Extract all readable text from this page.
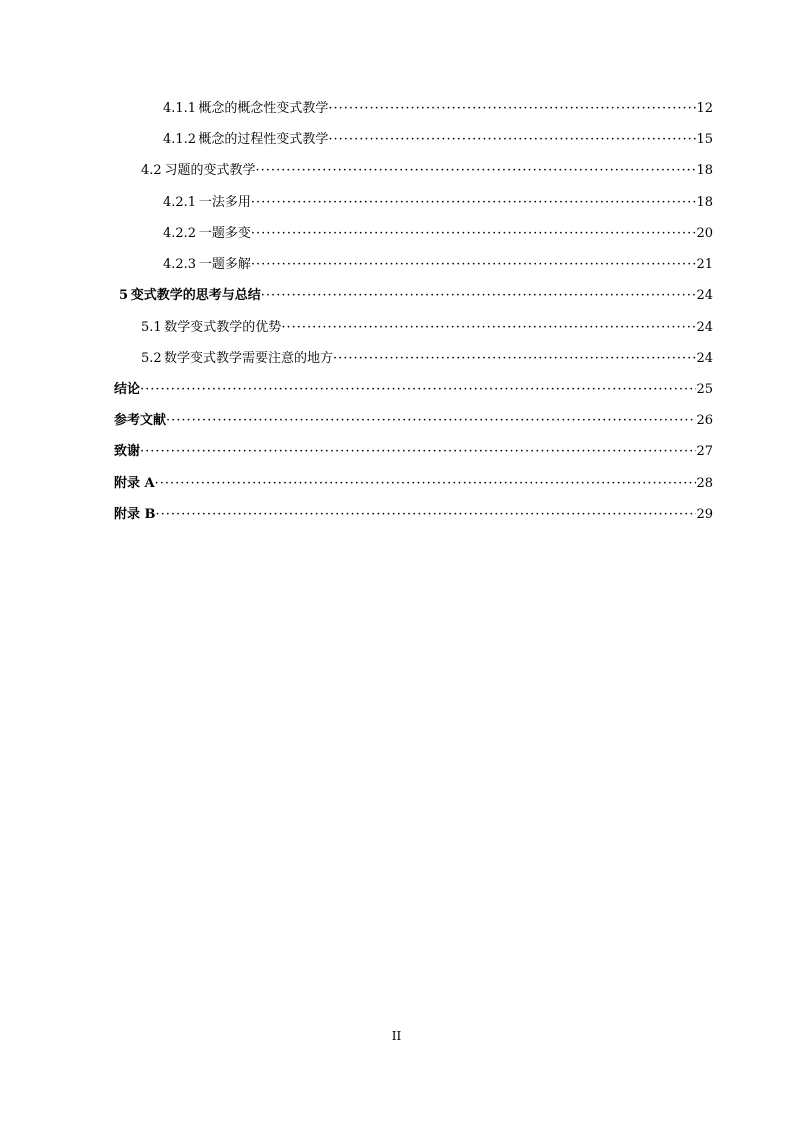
4.1.1 概念的概念性变式教学 ·····	12
4.1.2 概念的过程性变式教学 ·····	15
4.2 习题的变式教学 ·····	18
4.2.1 一法多用 ·····	18
4.2.2 一题多变 ·····	20
4.2.3 一题多解 ·····	21
5 变式教学的思考与总结 ·····	24
5.1 数学变式教学的优势 ·····	24
5.2 数学变式教学需要注意的地方 ·····	24
结论 ·····	25
参考文献 ·····	26
致谢 ·····	27
附录 A ·····	28
附录 B ·····	29
II
